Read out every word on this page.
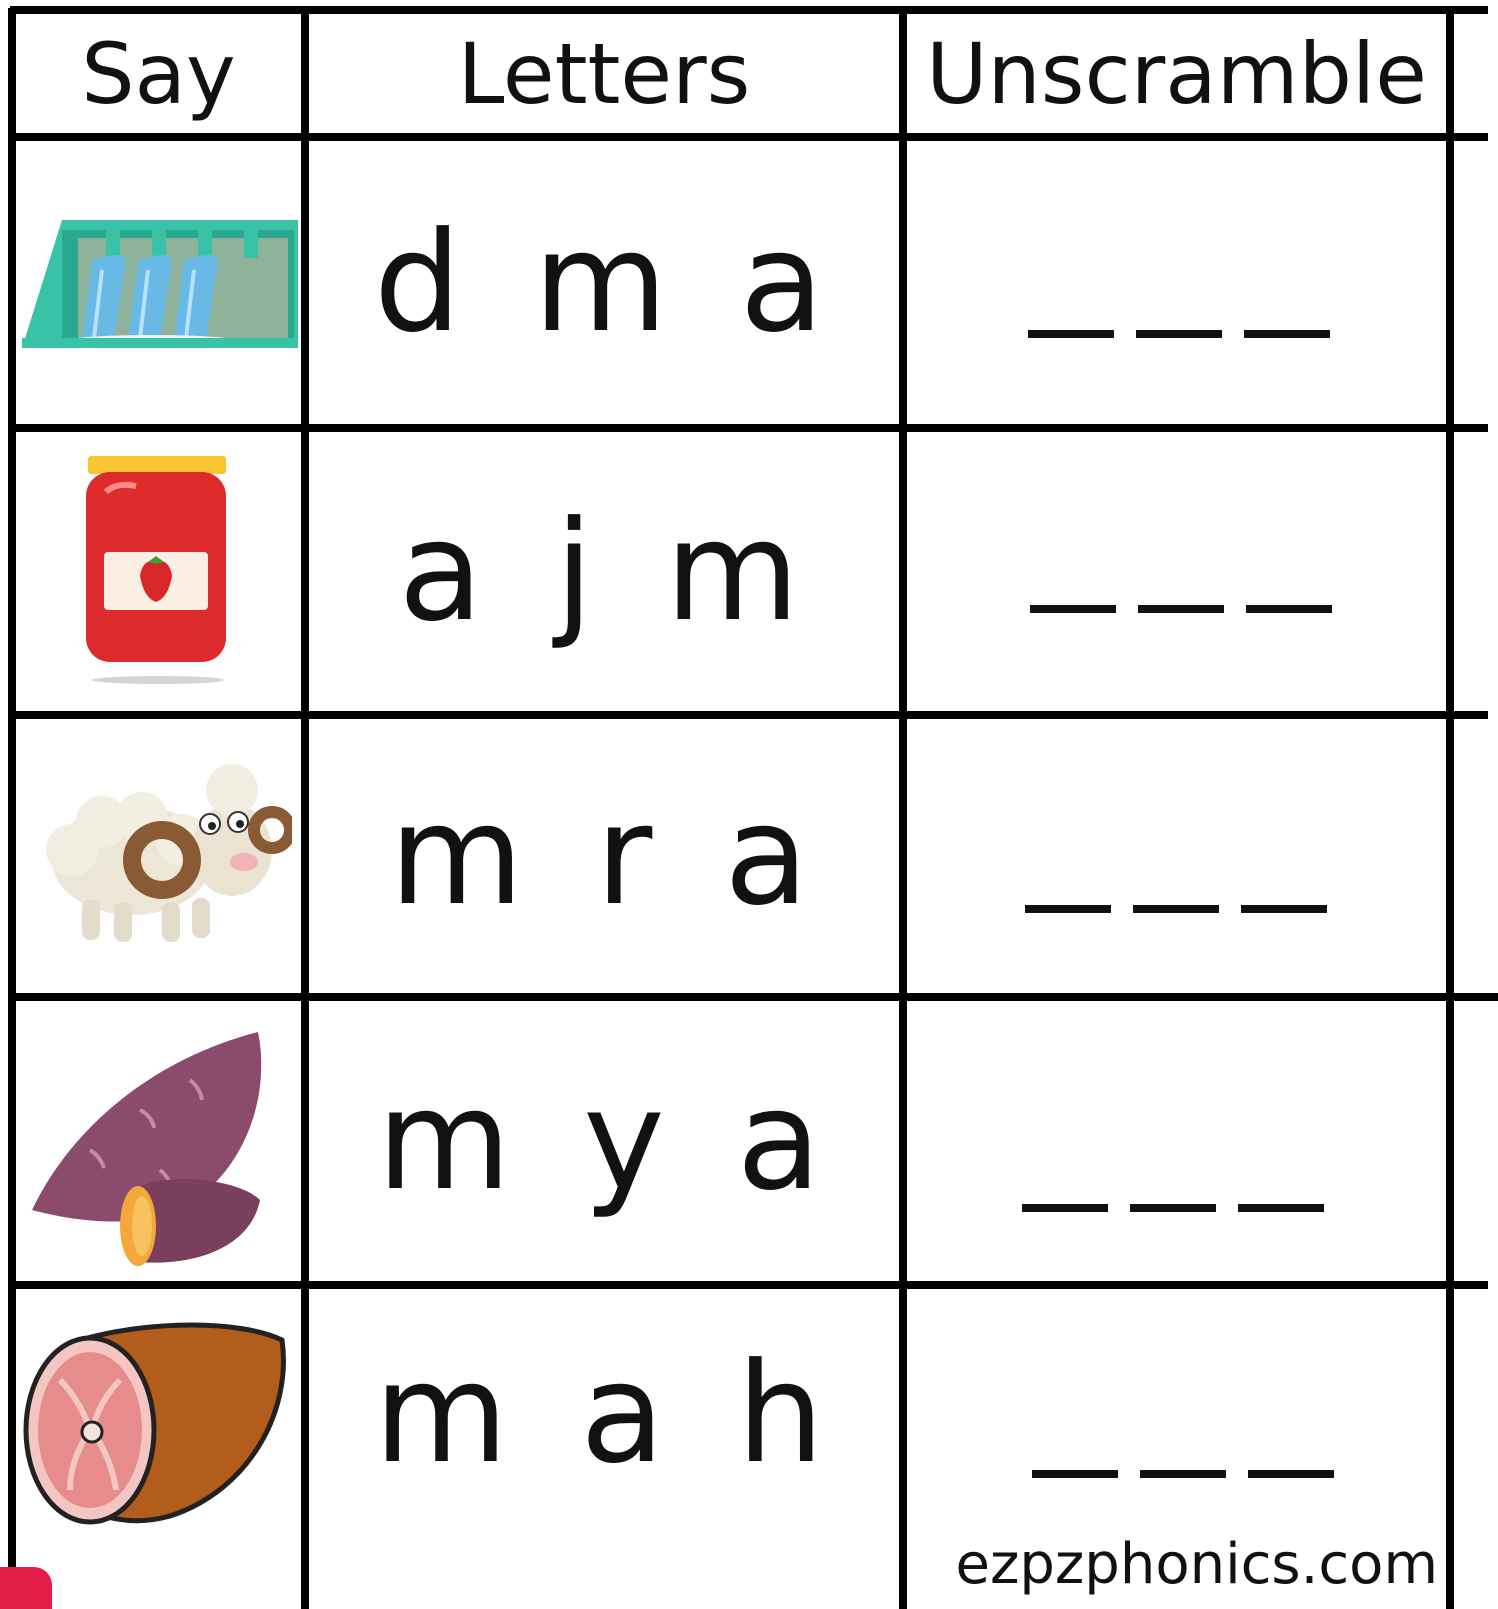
Say	Letters	Unscramble
d m a
a j m
m r a
m y a
m a h
ezpzphonics.com
